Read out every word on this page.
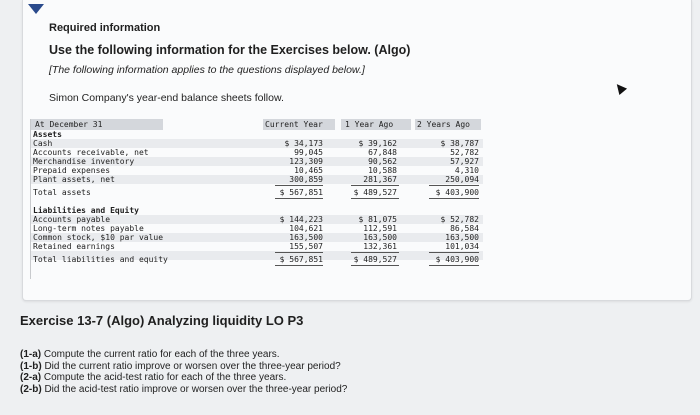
Required information
Use the following information for the Exercises below. (Algo)
[The following information applies to the questions displayed below.]
Simon Company's year-end balance sheets follow.
At December 31	Current Year	1 Year Ago	2 Years Ago
Assets
Cash	$ 34,173	$ 39,162	$ 38,787
Accounts receivable, net	99,045	67,848	52,782
Merchandise inventory	123,309	90,562	57,927
Prepaid expenses	10,465	10,588	4,310
Plant assets, net	300,859	281,367	250,094
Total assets	$ 567,851	$ 489,527	$ 403,900
Liabilities and Equity
Accounts payable	$ 144,223	$ 81,075	$ 52,782
Long-term notes payable	104,621	112,591	86,584
Common stock, $10 par value	163,500	163,500	163,500
Retained earnings	155,507	132,361	101,034
Total liabilities and equity	$ 567,851	$ 489,527	$ 403,900
Exercise 13-7 (Algo) Analyzing liquidity LO P3
(1-a) Compute the current ratio for each of the three years.
(1-b) Did the current ratio improve or worsen over the three-year period?
(2-a) Compute the acid-test ratio for each of the three years.
(2-b) Did the acid-test ratio improve or worsen over the three-year period?
